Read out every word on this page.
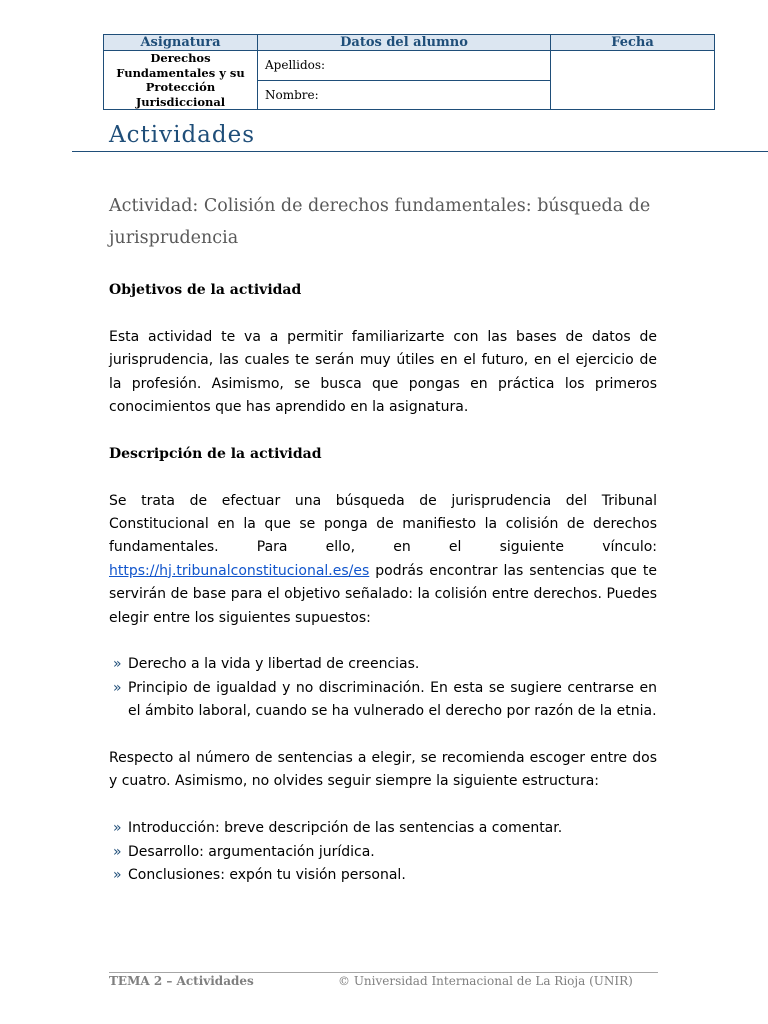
Asignatura	Datos del alumno	Fecha
Derechos Fundamentales y su Protección Jurisdiccional	Apellidos:	
	Nombre:	
Actividades
Actividad: Colisión de derechos fundamentales: búsqueda de jurisprudencia
Objetivos de la actividad

Esta actividad te va a permitir familiarizarte con las bases de datos de jurisprudencia, las cuales te serán muy útiles en el futuro, en el ejercicio de la profesión. Asimismo, se busca que pongas en práctica los primeros conocimientos que has aprendido en la asignatura.

Descripción de la actividad

Se trata de efectuar una búsqueda de jurisprudencia del Tribunal Constitucional en la que se ponga de manifiesto la colisión de derechos fundamentales. Para ello, en el siguiente vínculo: https://hj.tribunalconstitucional.es/es podrás encontrar las sentencias que te servirán de base para el objetivo señalado: la colisión entre derechos. Puedes elegir entre los siguientes supuestos:

» Derecho a la vida y libertad de creencias.
» Principio de igualdad y no discriminación. En esta se sugiere centrarse en el ámbito laboral, cuando se ha vulnerado el derecho por razón de la etnia.

Respecto al número de sentencias a elegir, se recomienda escoger entre dos y cuatro. Asimismo, no olvides seguir siempre la siguiente estructura:

» Introducción: breve descripción de las sentencias a comentar.
» Desarrollo: argumentación jurídica.
» Conclusiones: expón tu visión personal.
TEMA 2 – Actividades	© Universidad Internacional de La Rioja (UNIR)
